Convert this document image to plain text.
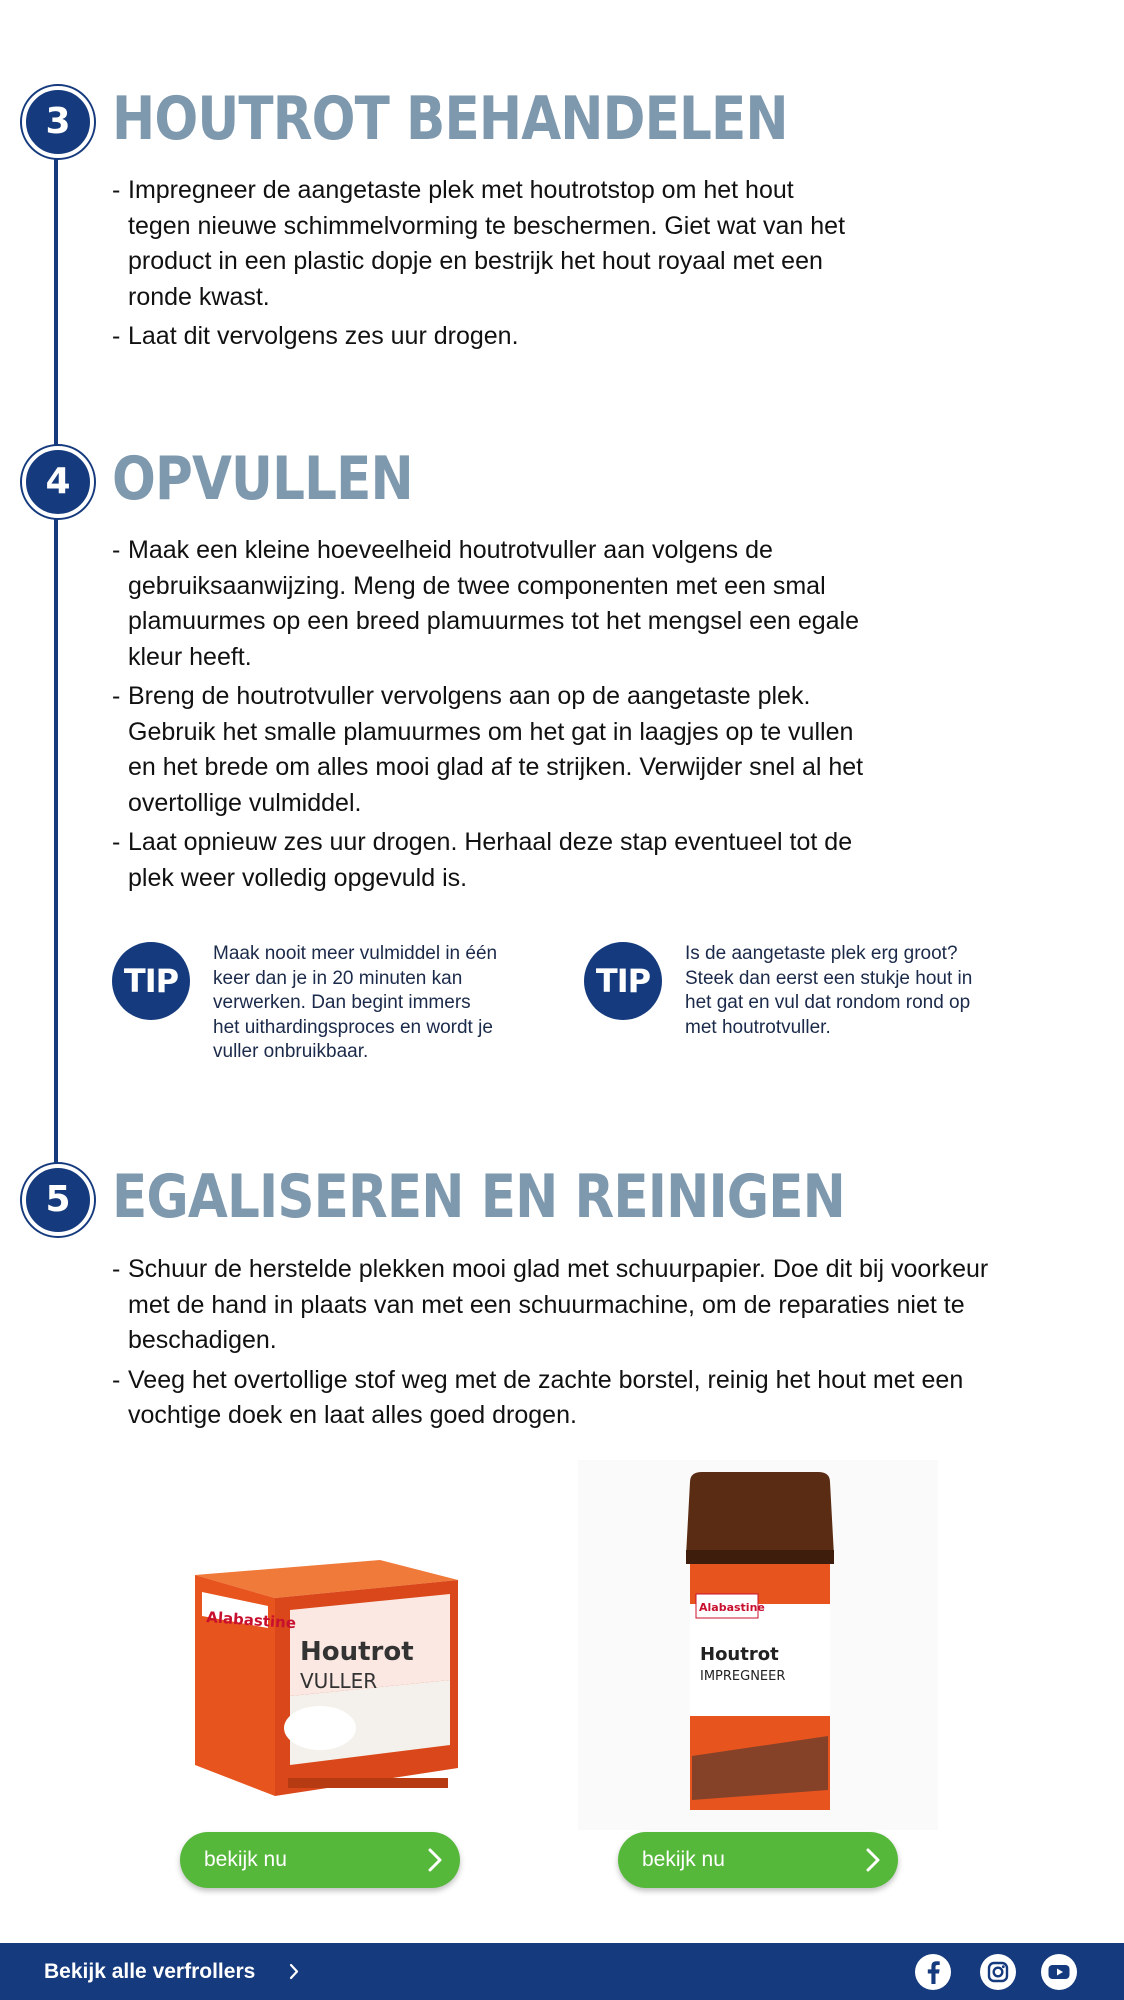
3 HOUTROT BEHANDELEN
- Impregneer de aangetaste plek met houtrotstop om het hout
tegen nieuwe schimmelvorming te beschermen. Giet wat van het
product in een plastic dopje en bestrijk het hout royaal met een
ronde kwast.
- Laat dit vervolgens zes uur drogen.
4 OPVULLEN
- Maak een kleine hoeveelheid houtrotvuller aan volgens de
gebruiksaanwijzing. Meng de twee componenten met een smal
plamuurmes op een breed plamuurmes tot het mengsel een egale
kleur heeft.
- Breng de houtrotvuller vervolgens aan op de aangetaste plek.
Gebruik het smalle plamuurmes om het gat in laagjes op te vullen
en het brede om alles mooi glad af te strijken. Verwijder snel al het
overtollige vulmiddel.
- Laat opnieuw zes uur drogen. Herhaal deze stap eventueel tot de
plek weer volledig opgevuld is.
TIP

Maak nooit meer vulmiddel in één
keer dan je in 20 minuten kan
verwerken. Dan begint immers
het uithardingsproces en wordt je
vuller onbruikbaar.

TIP

Is de aangetaste plek erg groot?
Steek dan eerst een stukje hout in
het gat en vul dat rondom rond op
met houtrotvuller.

5 EGALISEREN EN REINIGEN
- Schuur de herstelde plekken mooi glad met schuurpapier. Doe dit bij voorkeur
met de hand in plaats van met een schuurmachine, om de reparaties niet te
beschadigen.
- Veeg het overtollige stof weg met de zachte borstel, reinig het hout met een
vochtige doek en laat alles goed drogen.
Alabastine
Houtrot
VULLER
bekijk nu
Alabastine
Houtrot
IMPREGNEER
bekijk nu
Bekijk alle verfrollers
